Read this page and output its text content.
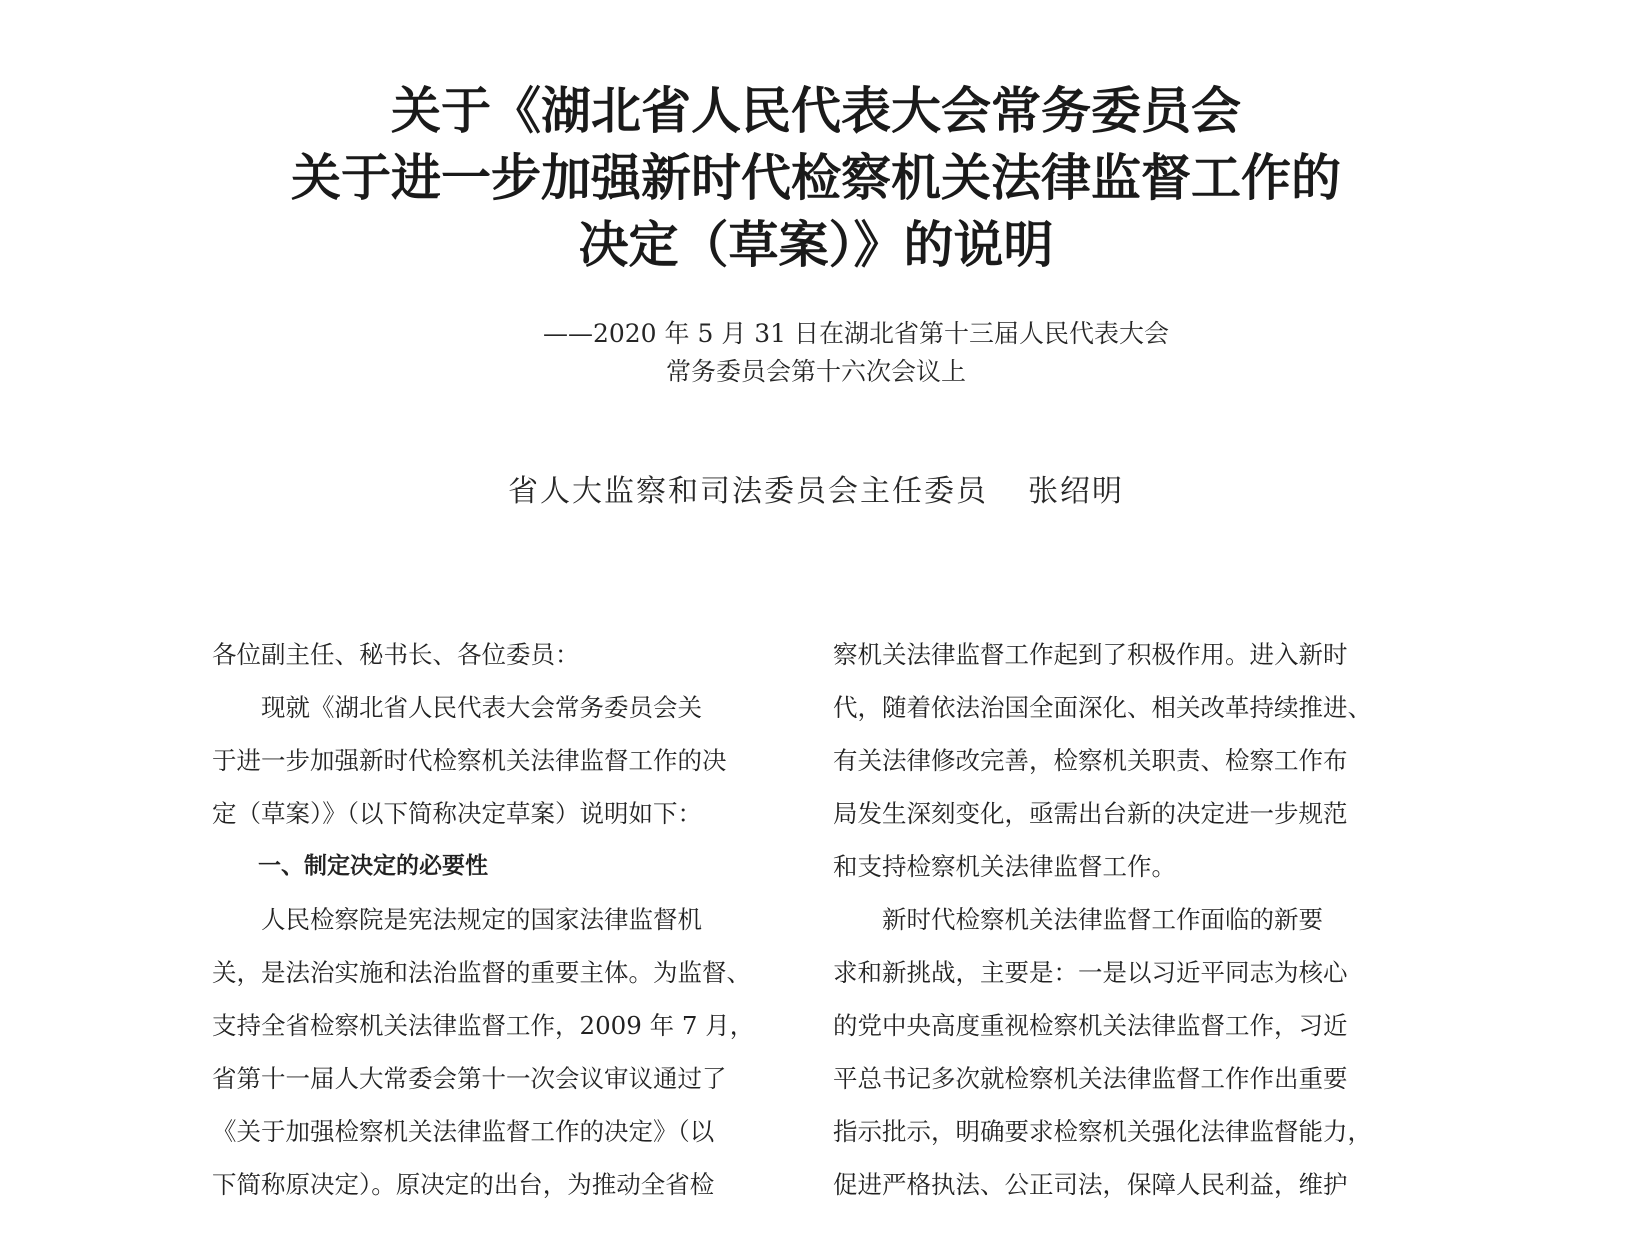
关于《湖北省人民代表大会常务委员会
关于进一步加强新时代检察机关法律监督工作的
决定（草案）》的说明
——2020 年 5 月 31 日在湖北省第十三届人民代表大会
常务委员会第十六次会议上
省人大监察和司法委员会主任委员 张绍明

各位副主任、秘书长、各位委员：

现就《湖北省人民代表大会常务委员会关
于进一步加强新时代检察机关法律监督工作的决
定（草案）》（以下简称决定草案）说明如下：

一、制定决定的必要性

人民检察院是宪法规定的国家法律监督机
关，是法治实施和法治监督的重要主体。为监督、
支持全省检察机关法律监督工作，2009 年 7 月，
省第十一届人大常委会第十一次会议审议通过了
《关于加强检察机关法律监督工作的决定》（以
下简称原决定）。原决定的出台，为推动全省检

察机关法律监督工作起到了积极作用。进入新时
代，随着依法治国全面深化、相关改革持续推进、
有关法律修改完善，检察机关职责、检察工作布
局发生深刻变化，亟需出台新的决定进一步规范
和支持检察机关法律监督工作。

新时代检察机关法律监督工作面临的新要
求和新挑战，主要是：一是以习近平同志为核心
的党中央高度重视检察机关法律监督工作，习近
平总书记多次就检察机关法律监督工作作出重要
指示批示，明确要求检察机关强化法律监督能力，
促进严格执法、公正司法，保障人民利益，维护
